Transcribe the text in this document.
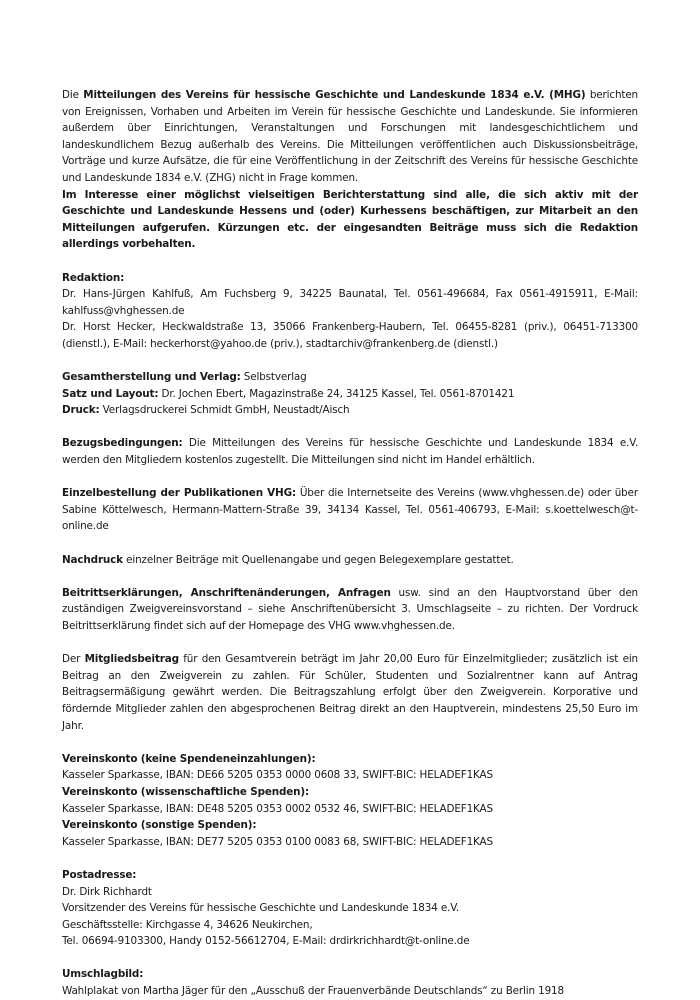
Die Mitteilungen des Vereins für hessische Geschichte und Landeskunde 1834 e.V. (MHG) berichten von Ereignissen, Vorhaben und Arbeiten im Verein für hessische Geschichte und Landeskunde. Sie informieren außerdem über Einrichtungen, Veranstaltungen und Forschungen mit landesgeschichtlichem und landeskundlichem Bezug außerhalb des Vereins. Die Mitteilungen veröffentlichen auch Diskussionsbeiträge, Vorträge und kurze Aufsätze, die für eine Veröffentlichung in der Zeitschrift des Vereins für hessische Geschichte und Landeskunde 1834 e.V. (ZHG) nicht in Frage kommen.

Im Interesse einer möglichst vielseitigen Berichterstattung sind alle, die sich aktiv mit der Geschichte und Landeskunde Hessens und (oder) Kurhessens beschäftigen, zur Mitarbeit an den Mitteilungen aufgerufen. Kürzungen etc. der eingesandten Beiträge muss sich die Redaktion allerdings vorbehalten.

Redaktion:

Dr. Hans-Jürgen Kahlfuß, Am Fuchsberg 9, 34225 Baunatal, Tel. 0561-496684, Fax 0561-4915911, E-Mail: kahlfuss@vhghessen.de

Dr. Horst Hecker, Heckwaldstraße 13, 35066 Frankenberg-Haubern, Tel. 06455-8281 (priv.), 06451-713300 (dienstl.), E-Mail: heckerhorst@yahoo.de (priv.), stadtarchiv@frankenberg.de (dienstl.)

Gesamtherstellung und Verlag: Selbstverlag

Satz und Layout: Dr. Jochen Ebert, Magazinstraße 24, 34125 Kassel, Tel. 0561-8701421

Druck: Verlagsdruckerei Schmidt GmbH, Neustadt/Aisch

Bezugsbedingungen: Die Mitteilungen des Vereins für hessische Geschichte und Landeskunde 1834 e.V. werden den Mitgliedern kostenlos zugestellt. Die Mitteilungen sind nicht im Handel erhältlich.

Einzelbestellung der Publikationen VHG: Über die Internetseite des Vereins (www.vhghessen.de) oder über Sabine Köttelwesch, Hermann-Mattern-Straße 39, 34134 Kassel, Tel. 0561-406793, E-Mail: s.koettelwesch@t-online.de

Nachdruck einzelner Beiträge mit Quellenangabe und gegen Belegexemplare gestattet.

Beitrittserklärungen, Anschriftenänderungen, Anfragen usw. sind an den Hauptvorstand über den zuständigen Zweigvereinsvorstand – siehe Anschriftenübersicht 3. Umschlagseite – zu richten. Der Vordruck Beitrittserklärung findet sich auf der Homepage des VHG www.vhghessen.de.

Der Mitgliedsbeitrag für den Gesamtverein beträgt im Jahr 20,00 Euro für Einzelmitglieder; zusätzlich ist ein Beitrag an den Zweigverein zu zahlen. Für Schüler, Studenten und Sozialrentner kann auf Antrag Beitragsermäßigung gewährt werden. Die Beitragszahlung erfolgt über den Zweigverein. Korporative und fördernde Mitglieder zahlen den abgesprochenen Beitrag direkt an den Hauptverein, mindestens 25,50 Euro im Jahr.

Vereinskonto (keine Spendeneinzahlungen):

Kasseler Sparkasse, IBAN: DE66 5205 0353 0000 0608 33, SWIFT-BIC: HELADEF1KAS

Vereinskonto (wissenschaftliche Spenden):

Kasseler Sparkasse, IBAN: DE48 5205 0353 0002 0532 46, SWIFT-BIC: HELADEF1KAS

Vereinskonto (sonstige Spenden):

Kasseler Sparkasse, IBAN: DE77 5205 0353 0100 0083 68, SWIFT-BIC: HELADEF1KAS

Postadresse:

Dr. Dirk Richhardt

Vorsitzender des Vereins für hessische Geschichte und Landeskunde 1834 e.V.

Geschäftsstelle: Kirchgasse 4, 34626 Neukirchen,

Tel. 06694-9103300, Handy 0152-56612704, E-Mail: drdirkrichhardt@t-online.de

Umschlagbild:

Wahlplakat von Martha Jäger für den „Ausschuß der Frauenverbände Deutschlands“ zu Berlin 1918
